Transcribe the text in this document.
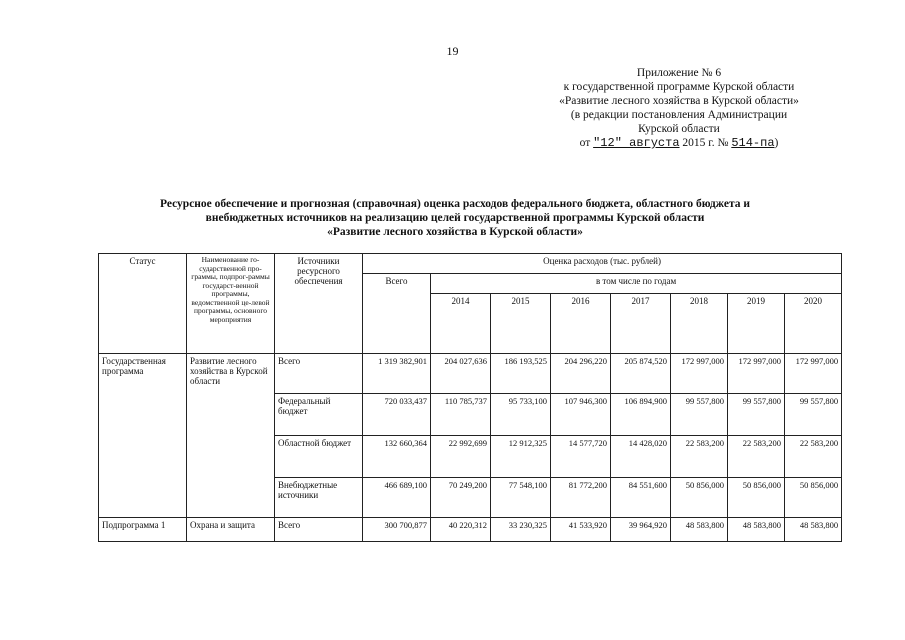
19
Приложение № 6
к государственной программе Курской области
«Развитие лесного хозяйства в Курской области»
(в редакции постановления Администрации
Курской области
от "12" августа 2015 г. № 514-па)
Ресурсное обеспечение и прогнозная (справочная) оценка расходов федерального бюджета, областного бюджета и
внебюджетных источников на реализацию целей государственной программы Курской области
«Развитие лесного хозяйства в Курской области»
Статус	Наименование го-сударственной про-граммы, подпрог-раммы государст-венной программы, ведомственной це-левой программы, основного мероприятия	Источники ресурсного обеспечения	Оценка расходов (тыс. рублей)							
			Всего	в том числе по годам						
				2014	2015	2016	2017	2018	2019	2020
Государственная программа	Развитие лесного хозяйства в Курской области	Всего	1 319 382,901	204 027,636	186 193,525	204 296,220	205 874,520	172 997,000	172 997,000	172 997,000
		Федеральный бюджет	720 033,437	110 785,737	95 733,100	107 946,300	106 894,900	99 557,800	99 557,800	99 557,800
		Областной бюджет	132 660,364	22 992,699	12 912,325	14 577,720	14 428,020	22 583,200	22 583,200	22 583,200
		Внебюджетные источники	466 689,100	70 249,200	77 548,100	81 772,200	84 551,600	50 856,000	50 856,000	50 856,000
Подпрограмма 1	Охрана и защита	Всего	300 700,877	40 220,312	33 230,325	41 533,920	39 964,920	48 583,800	48 583,800	48 583,800
